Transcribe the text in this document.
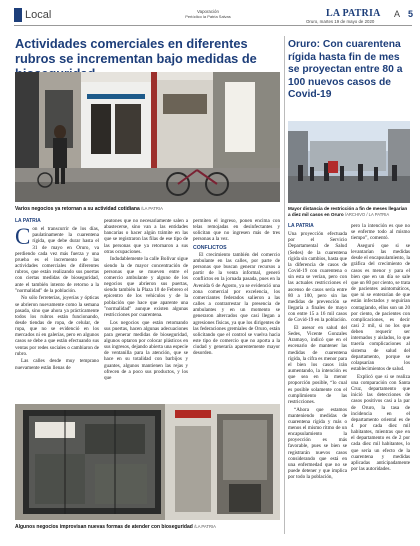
Local	Vaporación
Periódico la Patria Salvas	LA PATRIA
Oruro, martes 19 de mayo de 2020
A 5
Actividades comerciales en diferentes rubros se incrementan bajo medidas de
Varios negocios ya retornan a su actividad cotidiana /LA PATRIA
LA PATRIA
C on el transcurrir de los días, paulatinamente la cuarentena rígida, que debe durar hasta el 31 de mayo en Oruro, va perdiendo cada vez más fuerza y una prueba es el incremento de las actividades comerciales de diferentes rubros, que están realizando sus puertas con ciertas medidas de bioseguridad, ante el también intento de retorno a la "normalidad" de la población.

No sólo ferreterías, joyerías y ópticas se abrieron nuevamente como la semana pasada, sino que ahora ya prácticamente todos los rubros están funcionando, desde tiendas de ropa, de celular, de ropa, que no se evidenció en los mercados ni en galerías, pero en algunos casos se debe a que están efectuando sus ventas por redes sociales o cambiaron de rubro.

Las calles desde muy temprano nuevamente están llenas de

peatones que no necesariamente salen a abastecerse, sino van a las entidades bancarias o hacer algún trámite en las que se registraron las filas de ese tipo de las personas que ya retornaron a sus otras ocupaciones.

Indudablemente la calle Bolívar sigue siendo la de mayor concentración de personas que se mueven entre el comercio ambulante y alguno de los negocios que abrieron sus puertas, siendo también la Plaza 10 de Febrero el epicentro de los vehículos y de la población que hace que aparente una "normalidad" aunque existen algunas restricciones por cuarentena.

Los negocios que están retomando sus puertas, hacen algunas adecuaciones para generar medidas de bioseguridad, algunos optaron por colocar plásticos en sus ingresos, dejando abierta una especie de ventanilla para la atención, que se hace en su totalidad con barbijos y guantes, algunos mantienen las rejas y ofrecen de a poco sus productos, y los que

permiten el ingreso, ponen encima con telas remojadas en desinfectantes y solicitan que no ingresen más de tres personas a la vez.

CONFLICTOS

El crecimiento también del comercio ambulante en las calles, por parte de personas que buscan generar recursos a partir de la venta informal, generó conflictos en la jornada pasada, pues en la Avenida 6 de Agosto, ya se evidenció una zona comercial por excelencia, los comerciantes federados salieron a las calles a contrarrestar la presencia de ambulantes y en un momento se generaron altercados que casi llegan a agresiones físicas, ya que los dirigentes de las federaciones gremiales de Oruro, están solicitando que el control se vuelva hacia este tipo de comercio que no aporta a la ciudad y generaría aparentemente mayor desorden.

Algunos negocios improvisan nuevas formas de atender con bioseguridad /LA PATRIA
Oruro: Con cuarentena rígida hasta fin de mes se proyectan entre 80 a 100 nuevos casos de Covid-19
Mayor distancia de restricción a fin de meses llegarían a diez mil casos en Oruro /ARCHIVO / LA PATRIA
LA PATRIA

Una proyección efectuada por el Servicio Departamental de Salud (Sedes) de la cuarentena rígida sin cambios, hasta que la diferencia de casos de Covid-19 con cuarentena o sin esta se verían, pero con las actuales restricciones el ascenso de casos sería entre 80 a 100, pero sin las medidas de prevención se llegaría a finales de mayo con entre 15 a 16 mil casos de Covid-19 en la población.

El asesor en salud del Sedes, Vicente Gonzales Aramayo, indicó que en el escenario de mantener las medidas de cuarentena rígida, la cifra es menor para el bien los casos irán aumentando, la intención es que sea en la menor proporción posible, “lo cual es posible solamente con el cumplimiento de las restricciones.

“Ahora que estamos manteniendo medidas de cuarentena rígida y más o menos el mismo ritmo de un encapsulamiento la proyección es más favorable, pues se bien se registrarán nuevos casos considerando que está en una enfermedad que no se puede detener y que implica por todo la población,

pero la intención es que no se enferme todo al mismo tiempo”, comentó.

Aseguró que si se levantarían las medidas desde el encapsulamiento, la gráfica del crecimiento de casos es menor y para el bien que en un día se sale que un 80 por ciento, se trata de pacientes asintomáticos, que ni se enterarían de que están infectados y seguirían contagiando, ellos son un 20 por ciento, de pacientes con complicaciones, es decir casi 2 mil, si no los que deben requerir ser internados y aislados, lo que traería complicaciones al sistema de salud del departamento, porque se colapsarían los establecimientos de salud.

Explicó que si se realiza una comparación con Santa Cruz, departamento que inició las detecciones de casos positivos casi a la par de Oruro, la tasa de incidencia en el departamento oriental es de 4 por cada diez mil habitantes, mientras que en el departamento es de 2 por cada diez mil habitantes, lo que sería un efecto de la cuarentena y medidas aplicadas anticipadamente por las autoridades.
